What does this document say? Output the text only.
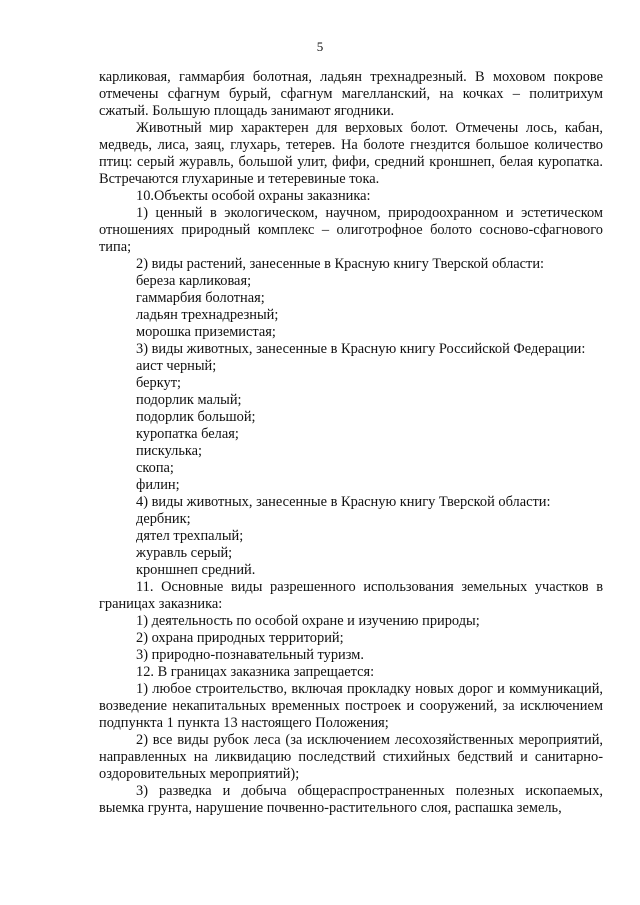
5

карликовая, гаммарбия болотная, ладьян трехнадрезный. В моховом покрове отмечены сфагнум бурый, сфагнум магелланский, на кочках – политрихум сжатый. Большую площадь занимают ягодники.

Животный мир характерен для верховых болот. Отмечены лось, кабан, медведь, лиса, заяц, глухарь, тетерев. На болоте гнездится большое количество птиц: серый журавль, большой улит, фифи, средний кроншнеп, белая куропатка. Встречаются глухариные и тетеревиные тока.

10.Объекты особой охраны заказника:

1) ценный в экологическом, научном, природоохранном и эстетическом отношениях природный комплекс – олиготрофное болото сосново-сфагнового типа;

2) виды растений, занесенные в Красную книгу Тверской области:

береза карликовая;

гаммарбия болотная;

ладьян трехнадрезный;

морошка приземистая;

3) виды животных, занесенные в Красную книгу Российской Федерации:

аист черный;

беркут;

подорлик малый;

подорлик большой;

куропатка белая;

пискулька;

скопа;

филин;

4) виды животных, занесенные в Красную книгу Тверской области:

дербник;

дятел трехпалый;

журавль серый;

кроншнеп средний.

11. Основные виды разрешенного использования земельных участков в границах заказника:

1) деятельность по особой охране и изучению природы;

2) охрана природных территорий;

3) природно-познавательный туризм.

12. В границах заказника запрещается:

1) любое строительство, включая прокладку новых дорог и коммуникаций, возведение некапитальных временных построек и сооружений, за исключением подпункта 1 пункта 13 настоящего Положения;

2) все виды рубок леса (за исключением лесохозяйственных мероприятий, направленных на ликвидацию последствий стихийных бедствий и санитарно-оздоровительных мероприятий);

3) разведка и добыча общераспространенных полезных ископаемых, выемка грунта, нарушение почвенно-растительного слоя, распашка земель,
